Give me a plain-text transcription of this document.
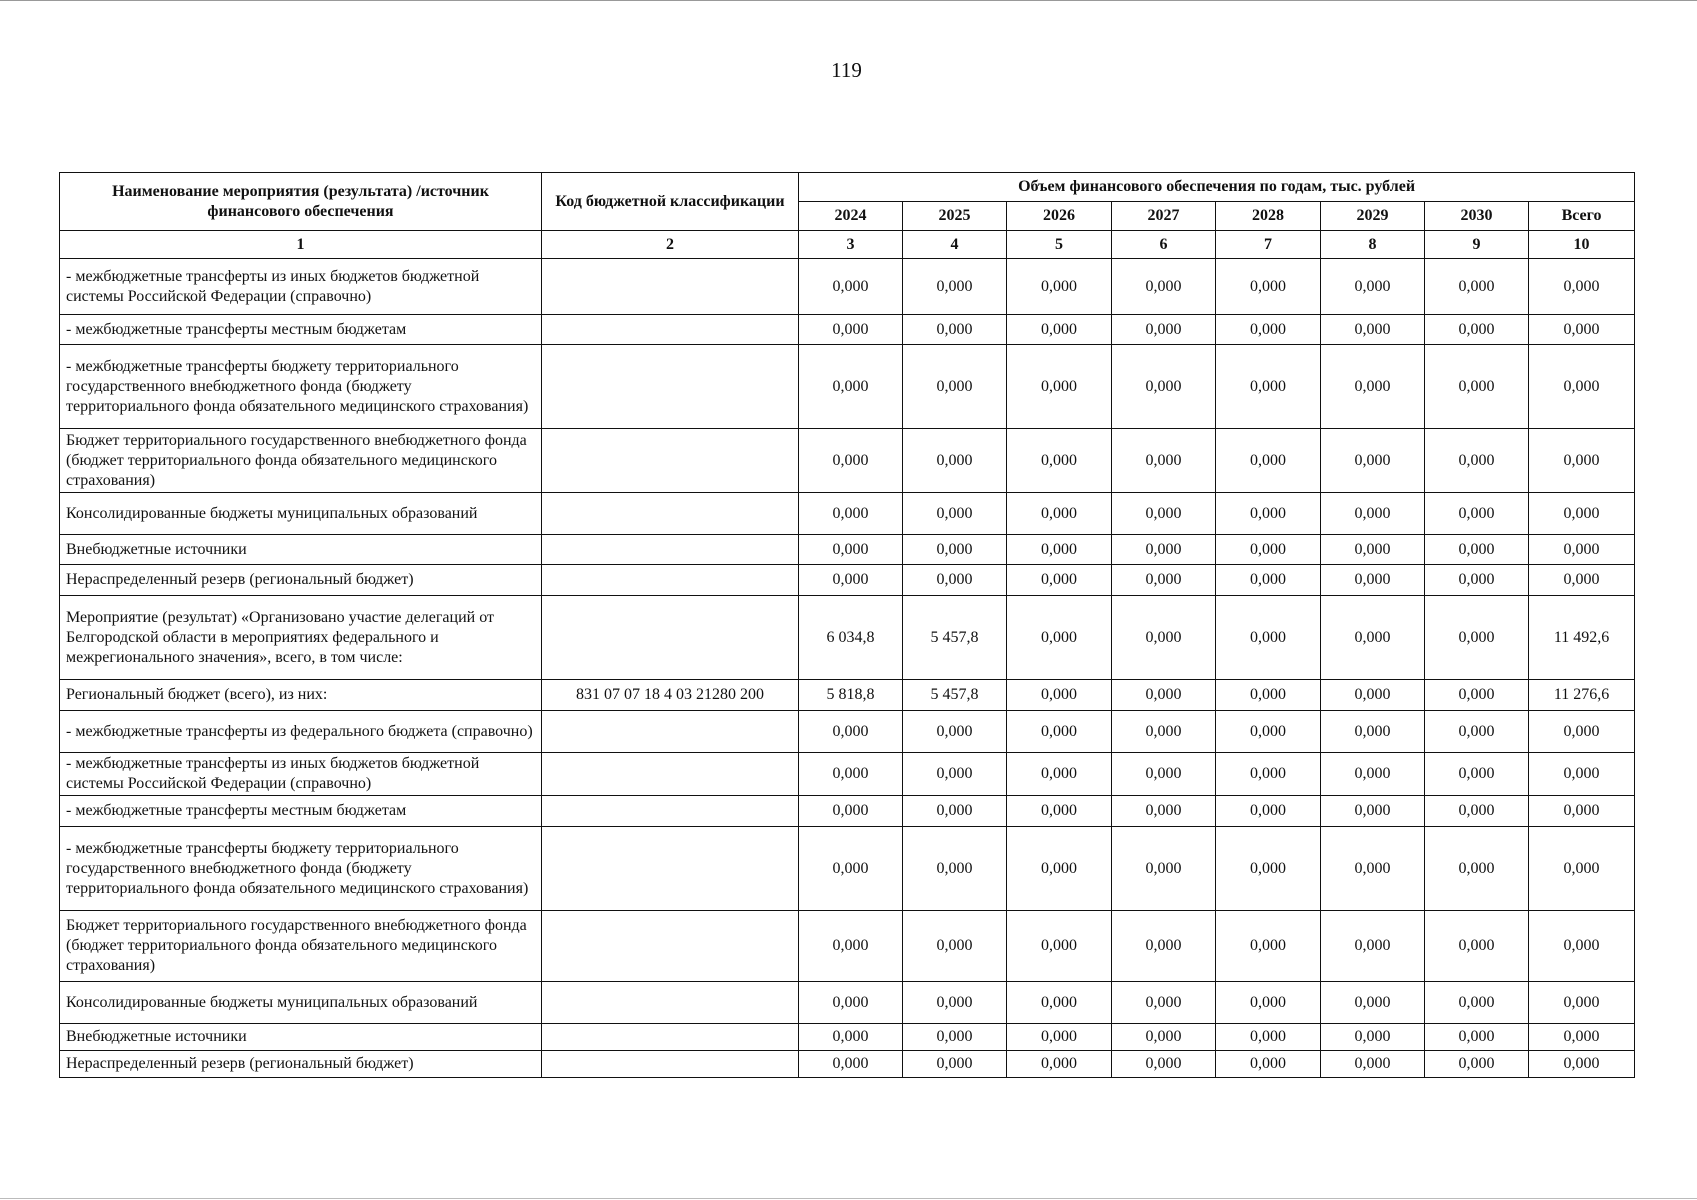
119
Наименование мероприятия (результата) /источник финансового обеспечения	Код бюджетной классификации	Объем финансового обеспечения по годам, тыс. рублей							
		2024	2025	2026	2027	2028	2029	2030	Всего
1	2	3	4	5	6	7	8	9	10
- межбюджетные трансферты из иных бюджетов бюджетной системы Российской Федерации (справочно)		0,000	0,000	0,000	0,000	0,000	0,000	0,000	0,000
- межбюджетные трансферты местным бюджетам		0,000	0,000	0,000	0,000	0,000	0,000	0,000	0,000
- межбюджетные трансферты бюджету территориального государственного внебюджетного фонда (бюджету территориального фонда обязательного медицинского страхования)		0,000	0,000	0,000	0,000	0,000	0,000	0,000	0,000
Бюджет территориального государственного внебюджетного фонда (бюджет территориального фонда обязательного медицинского страхования)		0,000	0,000	0,000	0,000	0,000	0,000	0,000	0,000
Консолидированные бюджеты муниципальных образований		0,000	0,000	0,000	0,000	0,000	0,000	0,000	0,000
Внебюджетные источники		0,000	0,000	0,000	0,000	0,000	0,000	0,000	0,000
Нераспределенный резерв (региональный бюджет)		0,000	0,000	0,000	0,000	0,000	0,000	0,000	0,000
Мероприятие (результат) «Организовано участие делегаций от Белгородской области в мероприятиях федерального и межрегионального значения», всего, в том числе:		6 034,8	5 457,8	0,000	0,000	0,000	0,000	0,000	11 492,6
Региональный бюджет (всего), из них:	831 07 07 18 4 03 21280 200	5 818,8	5 457,8	0,000	0,000	0,000	0,000	0,000	11 276,6
- межбюджетные трансферты из федерального бюджета (справочно)		0,000	0,000	0,000	0,000	0,000	0,000	0,000	0,000
- межбюджетные трансферты из иных бюджетов бюджетной системы Российской Федерации (справочно)		0,000	0,000	0,000	0,000	0,000	0,000	0,000	0,000
- межбюджетные трансферты местным бюджетам		0,000	0,000	0,000	0,000	0,000	0,000	0,000	0,000
- межбюджетные трансферты бюджету территориального государственного внебюджетного фонда (бюджету территориального фонда обязательного медицинского страхования)		0,000	0,000	0,000	0,000	0,000	0,000	0,000	0,000
Бюджет территориального государственного внебюджетного фонда (бюджет территориального фонда обязательного медицинского страхования)		0,000	0,000	0,000	0,000	0,000	0,000	0,000	0,000
Консолидированные бюджеты муниципальных образований		0,000	0,000	0,000	0,000	0,000	0,000	0,000	0,000
Внебюджетные источники		0,000	0,000	0,000	0,000	0,000	0,000	0,000	0,000
Нераспределенный резерв (региональный бюджет)		0,000	0,000	0,000	0,000	0,000	0,000	0,000	0,000
